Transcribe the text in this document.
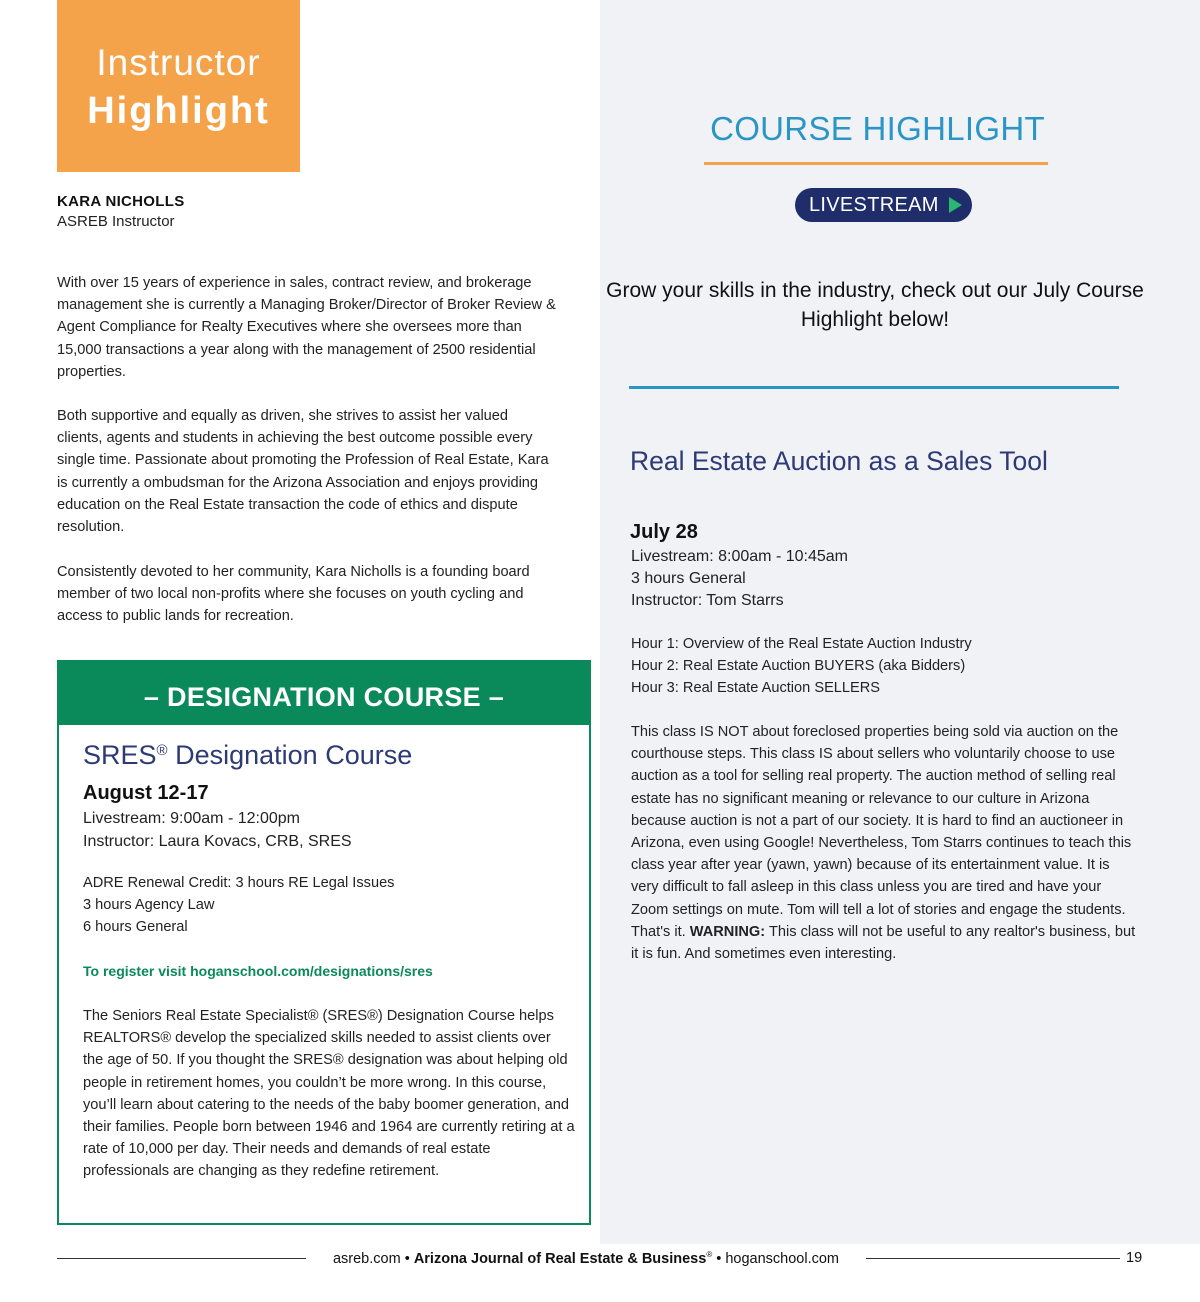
Instructor
Highlight
KARA NICHOLLS
ASREB Instructor

With over 15 years of experience in sales, contract review, and brokerage management she is currently a Managing Broker/Director of Broker Review & Agent Compliance for Realty Executives where she oversees more than 15,000 transactions a year along with the management of 2500 residential properties.

Both supportive and equally as driven, she strives to assist her valued clients, agents and students in achieving the best outcome possible every single time. Passionate about promoting the Profession of Real Estate, Kara is currently a ombudsman for the Arizona Association and enjoys providing education on the Real Estate transaction the code of ethics and dispute resolution.

Consistently devoted to her community, Kara Nicholls is a founding board member of two local non-profits where she focuses on youth cycling and access to public lands for recreation.

– DESIGNATION COURSE –
SRES® Designation Course
August 12-17
Livestream: 9:00am - 12:00pm
Instructor: Laura Kovacs, CRB, SRES
ADRE Renewal Credit: 3 hours RE Legal Issues
3 hours Agency Law
6 hours General
To register visit hoganschool.com/designations/sres

The Seniors Real Estate Specialist® (SRES®) Designation Course helps REALTORS® develop the specialized skills needed to assist clients over the age of 50. If you thought the SRES® designation was about helping old people in retirement homes, you couldn’t be more wrong. In this course, you’ll learn about catering to the needs of the baby boomer generation, and their families. People born between 1946 and 1964 are currently retiring at a rate of 10,000 per day. Their needs and demands of real estate professionals are changing as they redefine retirement.

COURSE HIGHLIGHT
LIVESTREAM

Grow your skills in the industry, check out our July Course Highlight below!

Real Estate Auction as a Sales Tool
July 28
Livestream: 8:00am - 10:45am
3 hours General
Instructor: Tom Starrs
Hour 1: Overview of the Real Estate Auction Industry
Hour 2: Real Estate Auction BUYERS (aka Bidders)
Hour 3: Real Estate Auction SELLERS

This class IS NOT about foreclosed properties being sold via auction on the courthouse steps. This class IS about sellers who voluntarily choose to use auction as a tool for selling real property. The auction method of selling real estate has no significant meaning or relevance to our culture in Arizona because auction is not a part of our society. It is hard to find an auctioneer in Arizona, even using Google! Nevertheless, Tom Starrs continues to teach this class year after year (yawn, yawn) because of its entertainment value. It is very difficult to fall asleep in this class unless you are tired and have your Zoom settings on mute. Tom will tell a lot of stories and engage the students. That's it. WARNING: This class will not be useful to any realtor's business, but it is fun. And sometimes even interesting.

asreb.com • Arizona Journal of Real Estate & Business® • hoganschool.com	19
